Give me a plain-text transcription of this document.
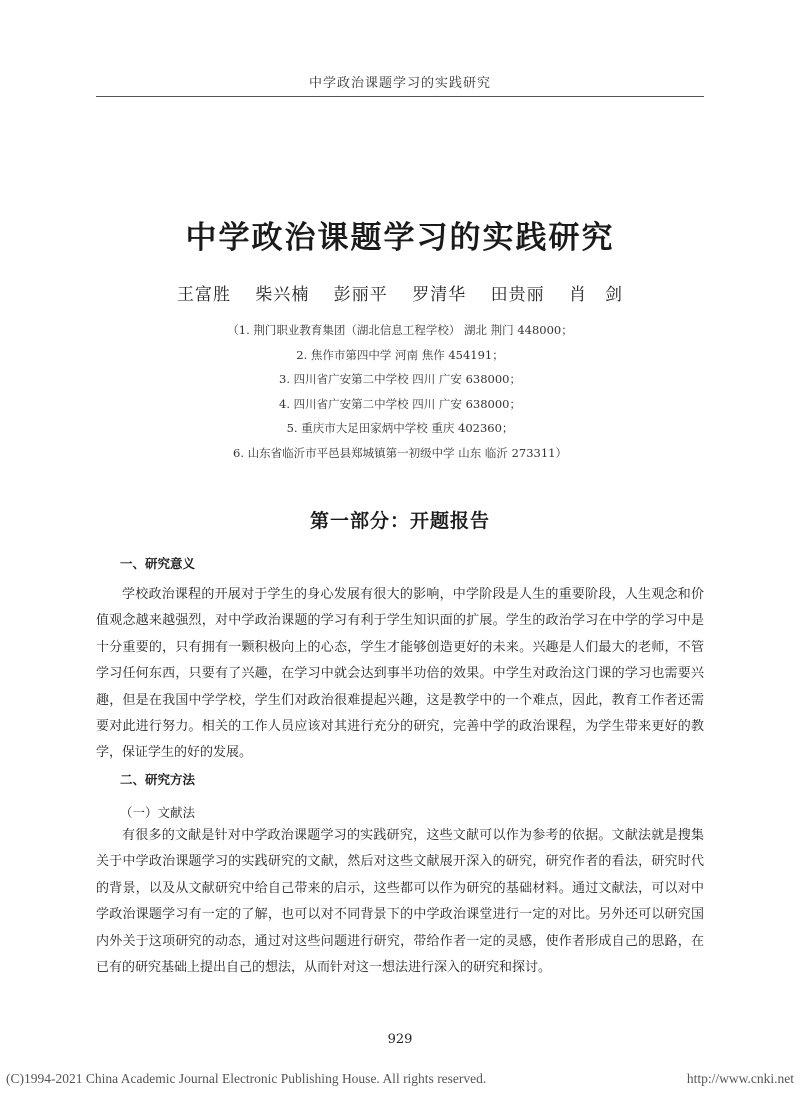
中学政治课题学习的实践研究
中学政治课题学习的实践研究
王富胜 柴兴楠 彭丽平 罗清华 田贵丽 肖　剑
（1. 荆门职业教育集团（湖北信息工程学校） 湖北 荆门 448000；
2. 焦作市第四中学 河南 焦作 454191；
3. 四川省广安第二中学校 四川 广安 638000；
4. 四川省广安第二中学校 四川 广安 638000；
5. 重庆市大足田家炳中学校 重庆 402360；
6. 山东省临沂市平邑县郑城镇第一初级中学 山东 临沂 273311）
第一部分：开题报告
一、研究意义

学校政治课程的开展对于学生的身心发展有很大的影响，中学阶段是人生的重要阶段，人生观念和价值观念越来越强烈，对中学政治课题的学习有利于学生知识面的扩展。学生的政治学习在中学的学习中是十分重要的，只有拥有一颗积极向上的心态，学生才能够创造更好的未来。兴趣是人们最大的老师，不管学习任何东西，只要有了兴趣，在学习中就会达到事半功倍的效果。中学生对政治这门课的学习也需要兴趣，但是在我国中学学校，学生们对政治很难提起兴趣，这是教学中的一个难点，因此，教育工作者还需要对此进行努力。相关的工作人员应该对其进行充分的研究，完善中学的政治课程，为学生带来更好的教学，保证学生的好的发展。

二、研究方法
（一）文献法

有很多的文献是针对中学政治课题学习的实践研究，这些文献可以作为参考的依据。文献法就是搜集关于中学政治课题学习的实践研究的文献，然后对这些文献展开深入的研究，研究作者的看法，研究时代的背景，以及从文献研究中给自己带来的启示，这些都可以作为研究的基础材料。通过文献法，可以对中学政治课题学习有一定的了解，也可以对不同背景下的中学政治课堂进行一定的对比。另外还可以研究国内外关于这项研究的动态，通过对这些问题进行研究，带给作者一定的灵感，使作者形成自己的思路，在已有的研究基础上提出自己的想法，从而针对这一想法进行深入的研究和探讨。

929
(C)1994-2021 China Academic Journal Electronic Publishing House. All rights reserved.	http://www.cnki.net
